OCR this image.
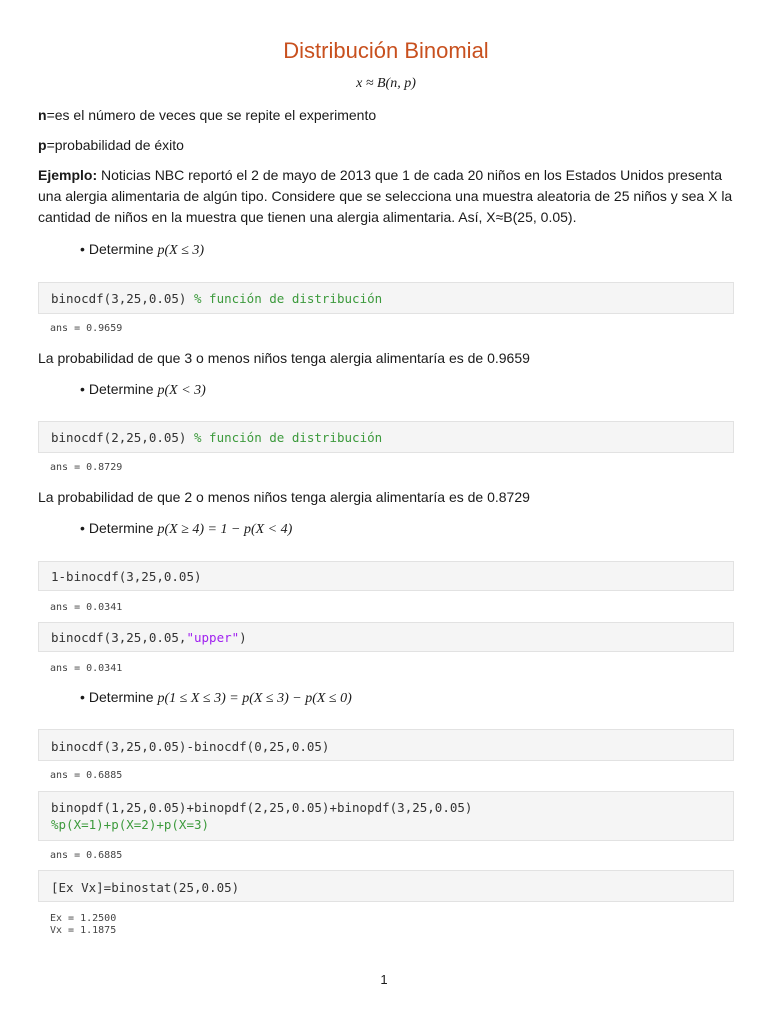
Distribución Binomial
x ≈ B(n, p)

n=es el número de veces que se repite el experimento

p=probabilidad de éxito

Ejemplo: Noticias NBC reportó el 2 de mayo de 2013 que 1 de cada 20 niños en los Estados Unidos presenta una alergia alimentaria de algún tipo. Considere que se selecciona una muestra aleatoria de 25 niños y sea X la cantidad de niños en la muestra que tienen una alergia alimentaria. Así, X≈B(25, 0.05).

• Determine p(X ≤ 3)
binocdf(3,25,0.05) % función de distribución
ans = 0.9659

La probabilidad de que 3 o menos niños tenga alergia alimentaría es de 0.9659

• Determine p(X < 3)
binocdf(2,25,0.05) % función de distribución
ans = 0.8729

La probabilidad de que 2 o menos niños tenga alergia alimentaría es de 0.8729

• Determine p(X ≥ 4) = 1 − p(X < 4)
1-binocdf(3,25,0.05)
ans = 0.0341
binocdf(3,25,0.05,"upper")
ans = 0.0341
• Determine p(1 ≤ X ≤ 3) = p(X ≤ 3) − p(X ≤ 0)
binocdf(3,25,0.05)-binocdf(0,25,0.05)
ans = 0.6885
binopdf(1,25,0.05)+binopdf(2,25,0.05)+binopdf(3,25,0.05)
%p(X=1)+p(X=2)+p(X=3)
ans = 0.6885
[Ex Vx]=binostat(25,0.05)
Ex = 1.2500
Vx = 1.1875
1
